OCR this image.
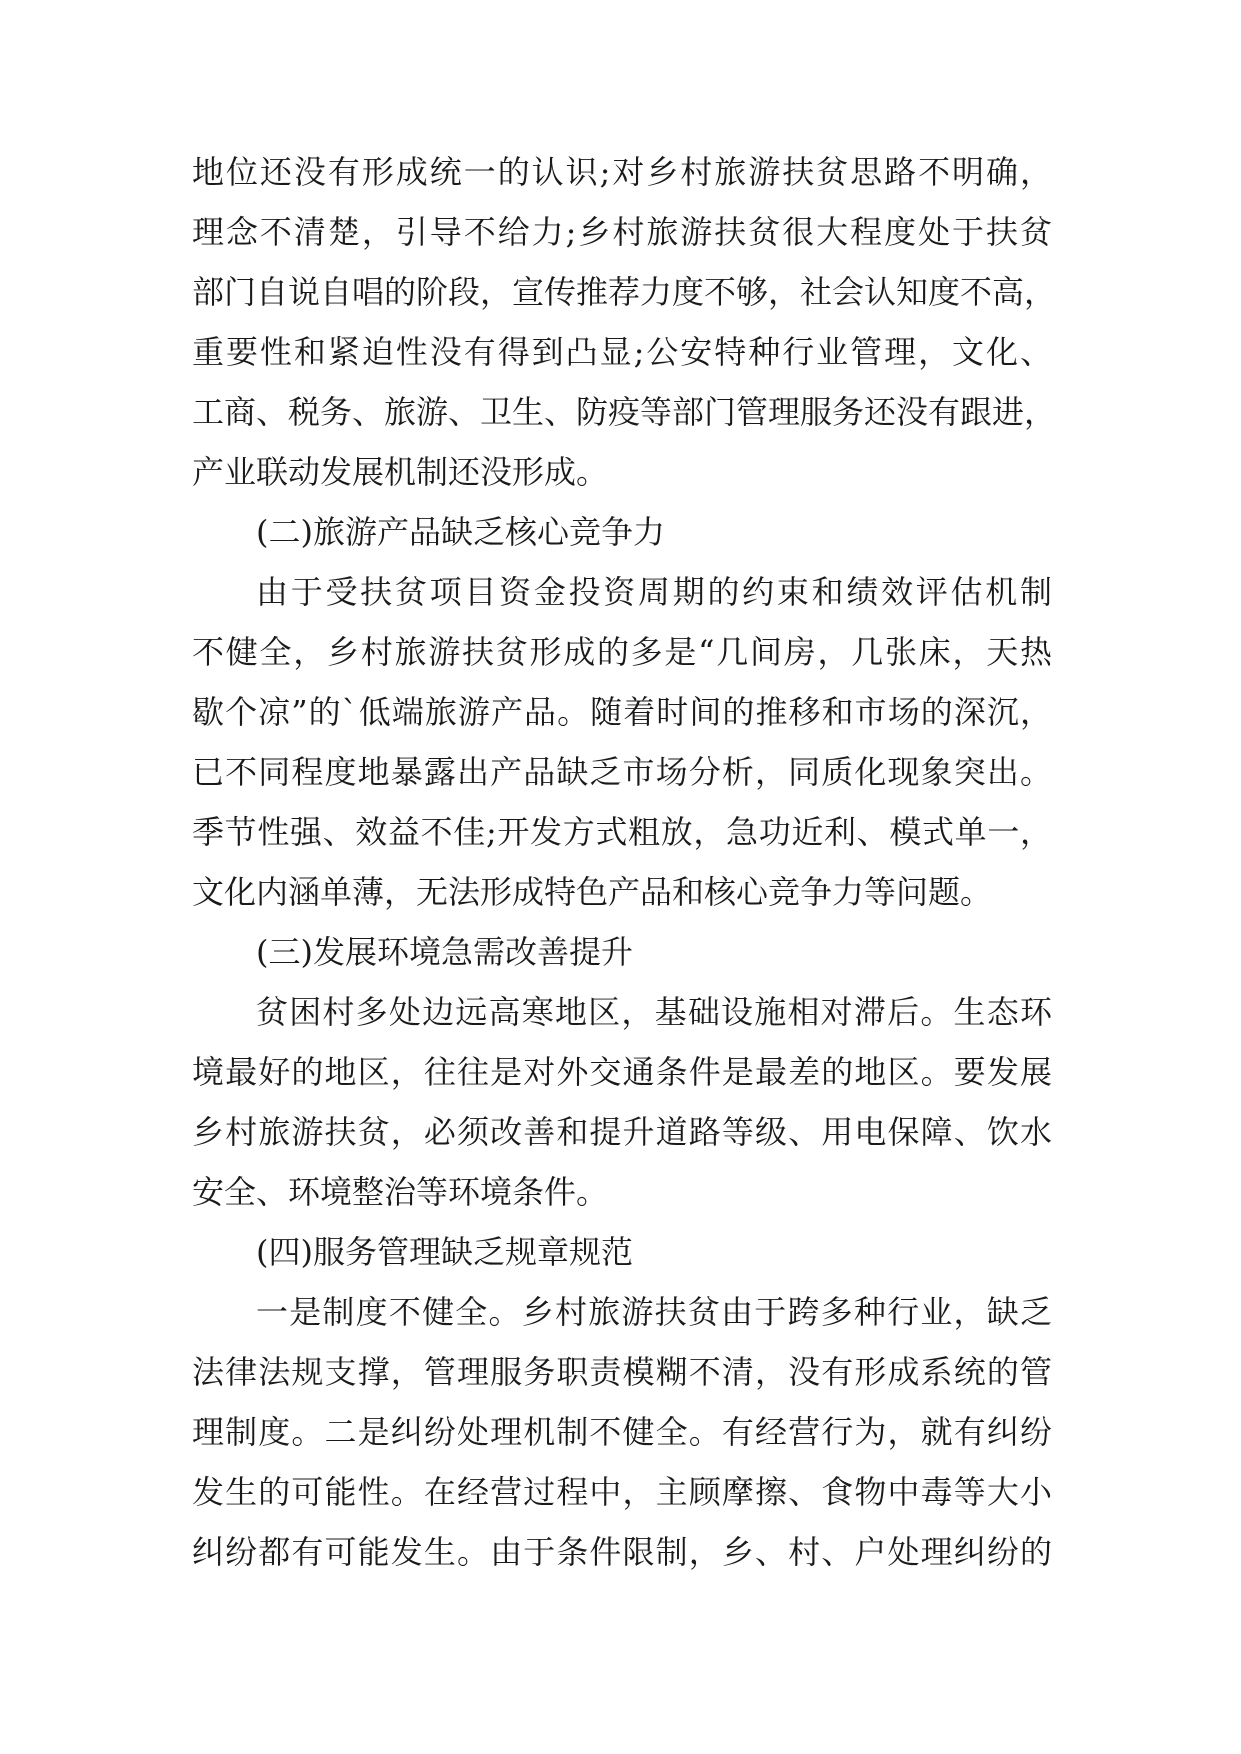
地位还没有形成统一的认识;对乡村旅游扶贫思路不明确，
理念不清楚，引导不给力;乡村旅游扶贫很大程度处于扶贫
部门自说自唱的阶段，宣传推荐力度不够，社会认知度不高，
重要性和紧迫性没有得到凸显;公安特种行业管理，文化、
工商、税务、旅游、卫生、防疫等部门管理服务还没有跟进，
产业联动发展机制还没形成。
(二)旅游产品缺乏核心竞争力
由于受扶贫项目资金投资周期的约束和绩效评估机制
不健全，乡村旅游扶贫形成的多是“几间房，几张床，天热
歇个凉”的`低端旅游产品。随着时间的推移和市场的深沉，
已不同程度地暴露出产品缺乏市场分析，同质化现象突出。
季节性强、效益不佳;开发方式粗放，急功近利、模式单一，
文化内涵单薄，无法形成特色产品和核心竞争力等问题。
(三)发展环境急需改善提升
贫困村多处边远高寒地区，基础设施相对滞后。生态环
境最好的地区，往往是对外交通条件是最差的地区。要发展
乡村旅游扶贫，必须改善和提升道路等级、用电保障、饮水
安全、环境整治等环境条件。
(四)服务管理缺乏规章规范
一是制度不健全。乡村旅游扶贫由于跨多种行业，缺乏
法律法规支撑，管理服务职责模糊不清，没有形成系统的管
理制度。二是纠纷处理机制不健全。有经营行为，就有纠纷
发生的可能性。在经营过程中，主顾摩擦、食物中毒等大小
纠纷都有可能发生。由于条件限制，乡、村、户处理纠纷的
